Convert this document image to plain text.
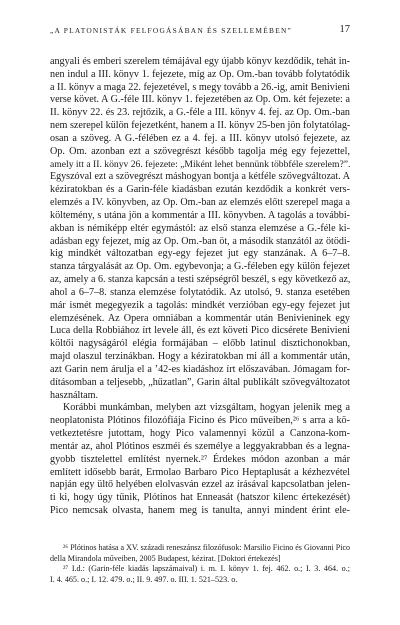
„A PLATONISTÁK FELFOGÁSÁBAN ÉS SZELLEMÉBEN”	17
angyali és emberi szerelem témájával egy újabb könyv kezdődik, tehát in-
nen indul a III. könyv 1. fejezete, míg az Op. Om.-ban tovább folytatódik
a II. könyv a maga 22. fejezetével, s megy tovább a 26.-ig, amit Benivieni
verse követ. A G.-féle III. könyv 1. fejezetében az Op. Om. két fejezete: a
II. könyv 22. és 23. rejtőzik, a G.-féle a III. könyv 4. fej. az Op. Om.-ban
nem szerepel külön fejezetként, hanem a II. könyv 25-ben jön folytatólag-
osan a szöveg. A G.-félében ez a 4. fej. a III. könyv utolsó fejezete, az
Op. Om. azonban ezt a szövegrészt később tagolja még egy fejezettel,
amely itt a II. könyv 26. fejezete: „Miként lehet bennünk többféle szerelem?”.
Egyszóval ezt a szövegrészt máshogyan bontja a kétféle szövegváltozat. A
kéziratokban és a Garin-féle kiadásban ezután kezdődik a konkrét vers-
elemzés a IV. könyvben, az Op. Om.-ban az elemzés előtt szerepel maga a
költemény, s utána jön a kommentár a III. könyvben. A tagolás a további-
akban is némiképp eltér egymástól: az első stanza elemzése a G.-féle ki-
adásban egy fejezet, míg az Op. Om.-ban öt, a második stanzától az ötödi-
kig mindkét változatban egy-egy fejezet jut egy stanzának. A 6–7–8.
stanza tárgyalását az Op. Om. egybevonja; a G.-féleben egy külön fejezet
az, amely a 6. stanza kapcsán a testi szépségről beszél, s egy következő az,
ahol a 6–7–8. stanza elemzése folytatódik. Az utolsó, 9. stanza esetében
már ismét megegyezik a tagolás: mindkét verzióban egy-egy fejezet jut
elemzésének. Az Opera omniában a kommentár után Benivieninek egy
Luca della Robbiához írt levele áll, és ezt követi Pico dicsérete Benivieni
költői nagyságáról elégia formájában – előbb latinul disztichonokban,
majd olaszul terzinákban. Hogy a kéziratokban mi áll a kommentár után,
azt Garin nem árulja el a ’42-es kiadáshoz írt előszavában. Jómagam for-
dításomban a teljesebb, „hűzatlan”, Garin által publikált szövegváltozatot
használtam.
Korábbi munkámban, melyben azt vizsgáltam, hogyan jelenik meg a
neoplatonista Plótinos filozófiája Ficino és Pico műveiben,²⁶ s arra a kö-
vetkeztetésre jutottam, hogy Pico valamennyi közül a Canzona-kom-
mentár az, ahol Plótinos eszméi és személye a leggyakrabban és a legna-
gyobb tisztelettel említést nyernek.²⁷ Érdekes módon azonban a már
említett idősebb barát, Ermolao Barbaro Pico Heptaplusát a kézhezvétel
napján egy ültő helyében elolvasván ezzel az írásával kapcsolatban jelen-
ti ki, hogy úgy tűnik, Plótinos hat Enneasát (hatszor kilenc értekezését)
Pico nemcsak olvasta, hanem meg is tanulta, annyi mindent érint ele-
²⁶ Plótinos hatása a XV. századi reneszánsz filozófusok: Marsilio Ficino és Giovanni Pico
della Mirandola műveiben, 2005 Budapest, kézirat. [Doktori értekezés]
²⁷ I.d.: (Garin-féle kiadás lapszámaival) i. m. I. könyv 1. fej. 462. o.; I. 3. 464. o.;
I. 4. 465. o.; I. 12. 479. o.; II. 9. 497. o. III. 1. 521–523. o.
